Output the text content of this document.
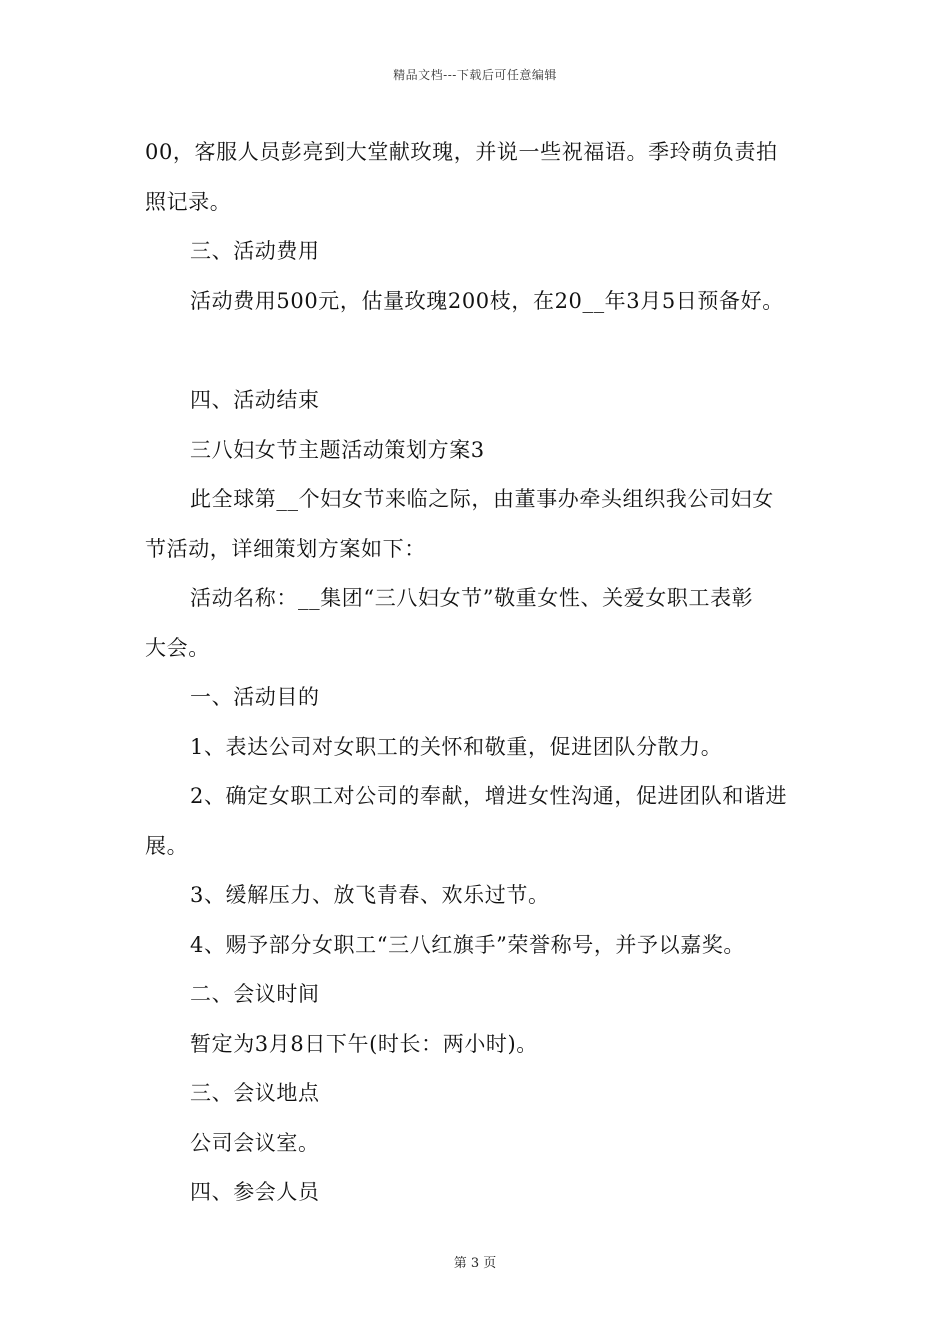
精品文档---下载后可任意编辑
00，客服人员彭亮到大堂献玫瑰，并说一些祝福语。季玲萌负责拍
照记录。
三、活动费用
活动费用500元，估量玫瑰200枝，在20__年3月5日预备好。
四、活动结束
三八妇女节主题活动策划方案3
此全球第__个妇女节来临之际，由董事办牵头组织我公司妇女
节活动，详细策划方案如下：
活动名称：__集团“三八妇女节”敬重女性、关爱女职工表彰
大会。
一、活动目的
1、表达公司对女职工的关怀和敬重，促进团队分散力。
2、确定女职工对公司的奉献，增进女性沟通，促进团队和谐进
展。
3、缓解压力、放飞青春、欢乐过节。
4、赐予部分女职工“三八红旗手”荣誉称号，并予以嘉奖。
二、会议时间
暂定为3月8日下午(时长：两小时)。
三、会议地点
公司会议室。
四、参会人员
第 3 页
